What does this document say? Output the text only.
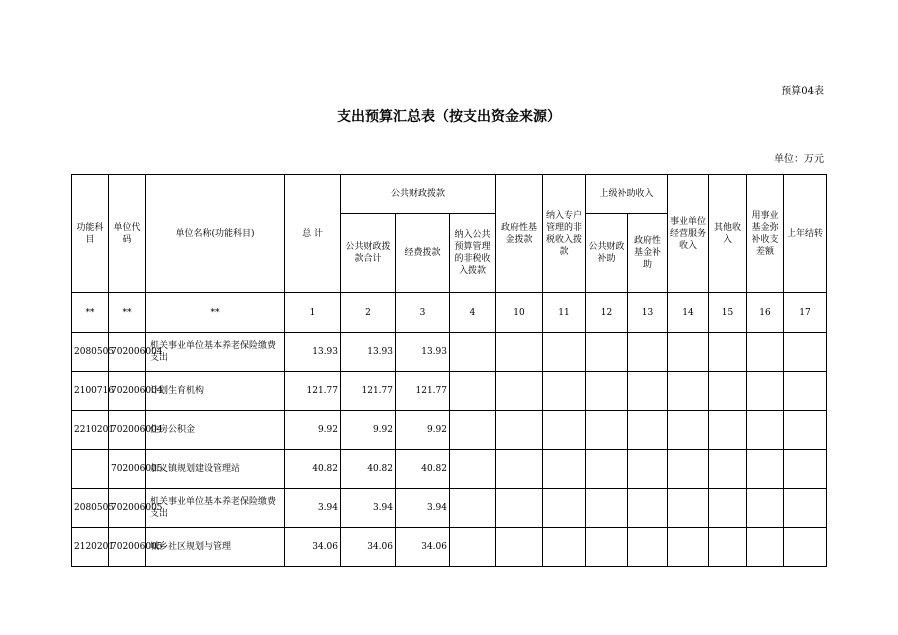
预算04表
支出预算汇总表（按支出资金来源）
单位：万元
功能科目	单位代码	单位名称(功能科目)	总 计	公共财政拨款			政府性基金拨款	纳入专户管理的非税收入拨款	上级补助收入		事业单位经营服务收入	其他收入	用事业基金弥补收支差额	上年结转
				公共财政拨款合计	经费拨款	纳入公共预算管理的非税收入拨款			公共财政补助	政府性基金补助				
**	**	**	1	2	3	4	10	11	12	13	14	15	16	17
2080505	702006004	机关事业单位基本养老保险缴费支出	13.93	13.93	13.93									
2100716	702006004	计划生育机构	121.77	121.77	121.77									
2210201	702006004	住房公积金	9.92	9.92	9.92									
	702006005	加义镇规划建设管理站	40.82	40.82	40.82									
2080505	702006005	机关事业单位基本养老保险缴费支出	3.94	3.94	3.94									
2120201	702006005	城乡社区规划与管理	34.06	34.06	34.06									
